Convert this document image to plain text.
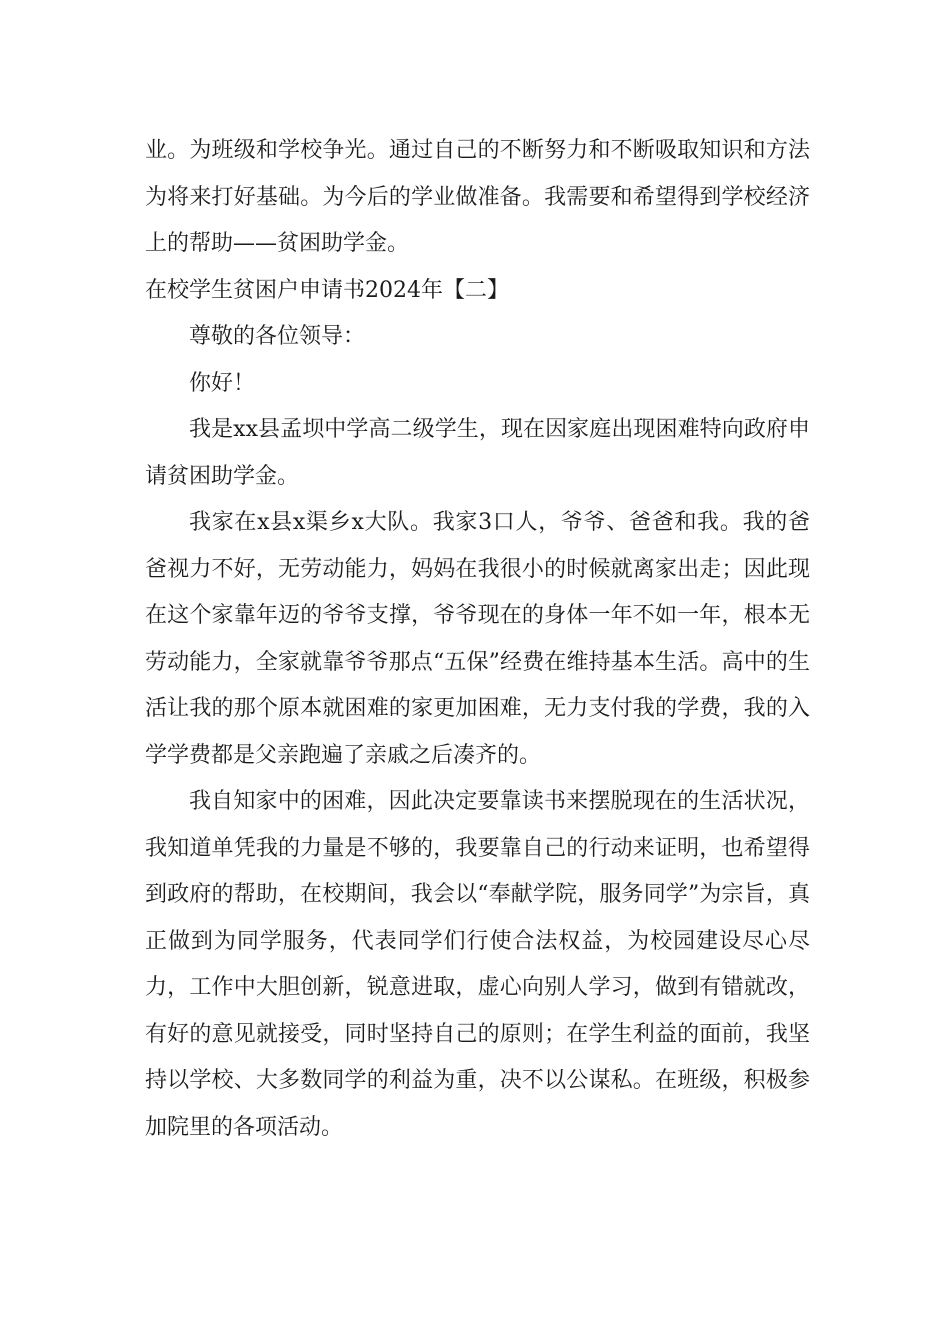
业。为班级和学校争光。通过自己的不断努力和不断吸取知识和方法为将来打好基础。为今后的学业做准备。我需要和希望得到学校经济上的帮助——贫困助学金。

在校学生贫困户申请书2024年【二】

尊敬的各位领导：

你好！

我是xx县孟坝中学高二级学生，现在因家庭出现困难特向政府申请贫困助学金。

我家在x县x渠乡x大队。我家3口人，爷爷、爸爸和我。我的爸爸视力不好，无劳动能力，妈妈在我很小的时候就离家出走；因此现在这个家靠年迈的爷爷支撑，爷爷现在的身体一年不如一年，根本无劳动能力，全家就靠爷爷那点“五保”经费在维持基本生活。高中的生活让我的那个原本就困难的家更加困难，无力支付我的学费，我的入学学费都是父亲跑遍了亲戚之后凑齐的。

我自知家中的困难，因此决定要靠读书来摆脱现在的生活状况，我知道单凭我的力量是不够的，我要靠自己的行动来证明，也希望得到政府的帮助，在校期间，我会以“奉献学院，服务同学”为宗旨，真正做到为同学服务，代表同学们行使合法权益，为校园建设尽心尽力，工作中大胆创新，锐意进取，虚心向别人学习，做到有错就改，有好的意见就接受，同时坚持自己的原则；在学生利益的面前，我坚持以学校、大多数同学的利益为重，决不以公谋私。在班级，积极参加院里的各项活动。
